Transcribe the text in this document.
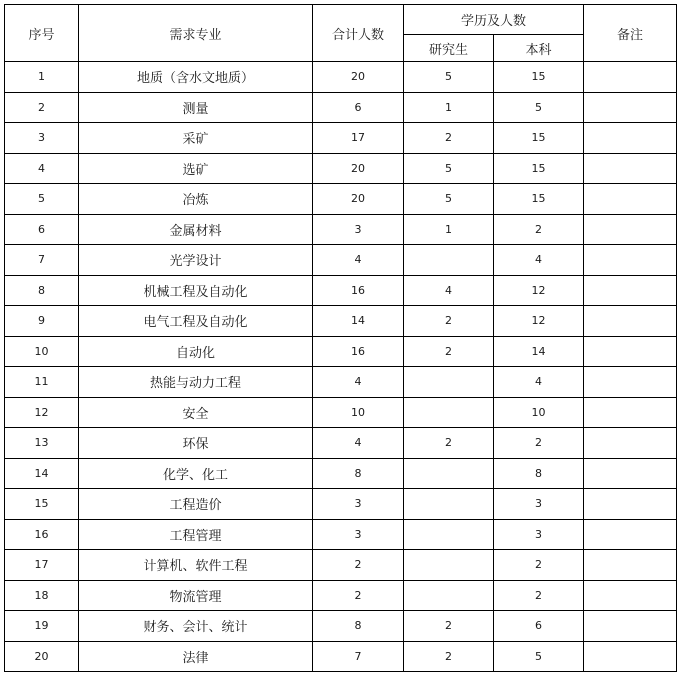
序号	需求专业	合计人数	学历及人数		备注
			研究生	本科	
1	地质（含水文地质）	20	5	15	
2	测量	6	1	5	
3	采矿	17	2	15	
4	选矿	20	5	15	
5	冶炼	20	5	15	
6	金属材料	3	1	2	
7	光学设计	4		4	
8	机械工程及自动化	16	4	12	
9	电气工程及自动化	14	2	12	
10	自动化	16	2	14	
11	热能与动力工程	4		4	
12	安全	10		10	
13	环保	4	2	2	
14	化学、化工	8		8	
15	工程造价	3		3	
16	工程管理	3		3	
17	计算机、软件工程	2		2	
18	物流管理	2		2	
19	财务、会计、统计	8	2	6	
20	法律	7	2	5	
